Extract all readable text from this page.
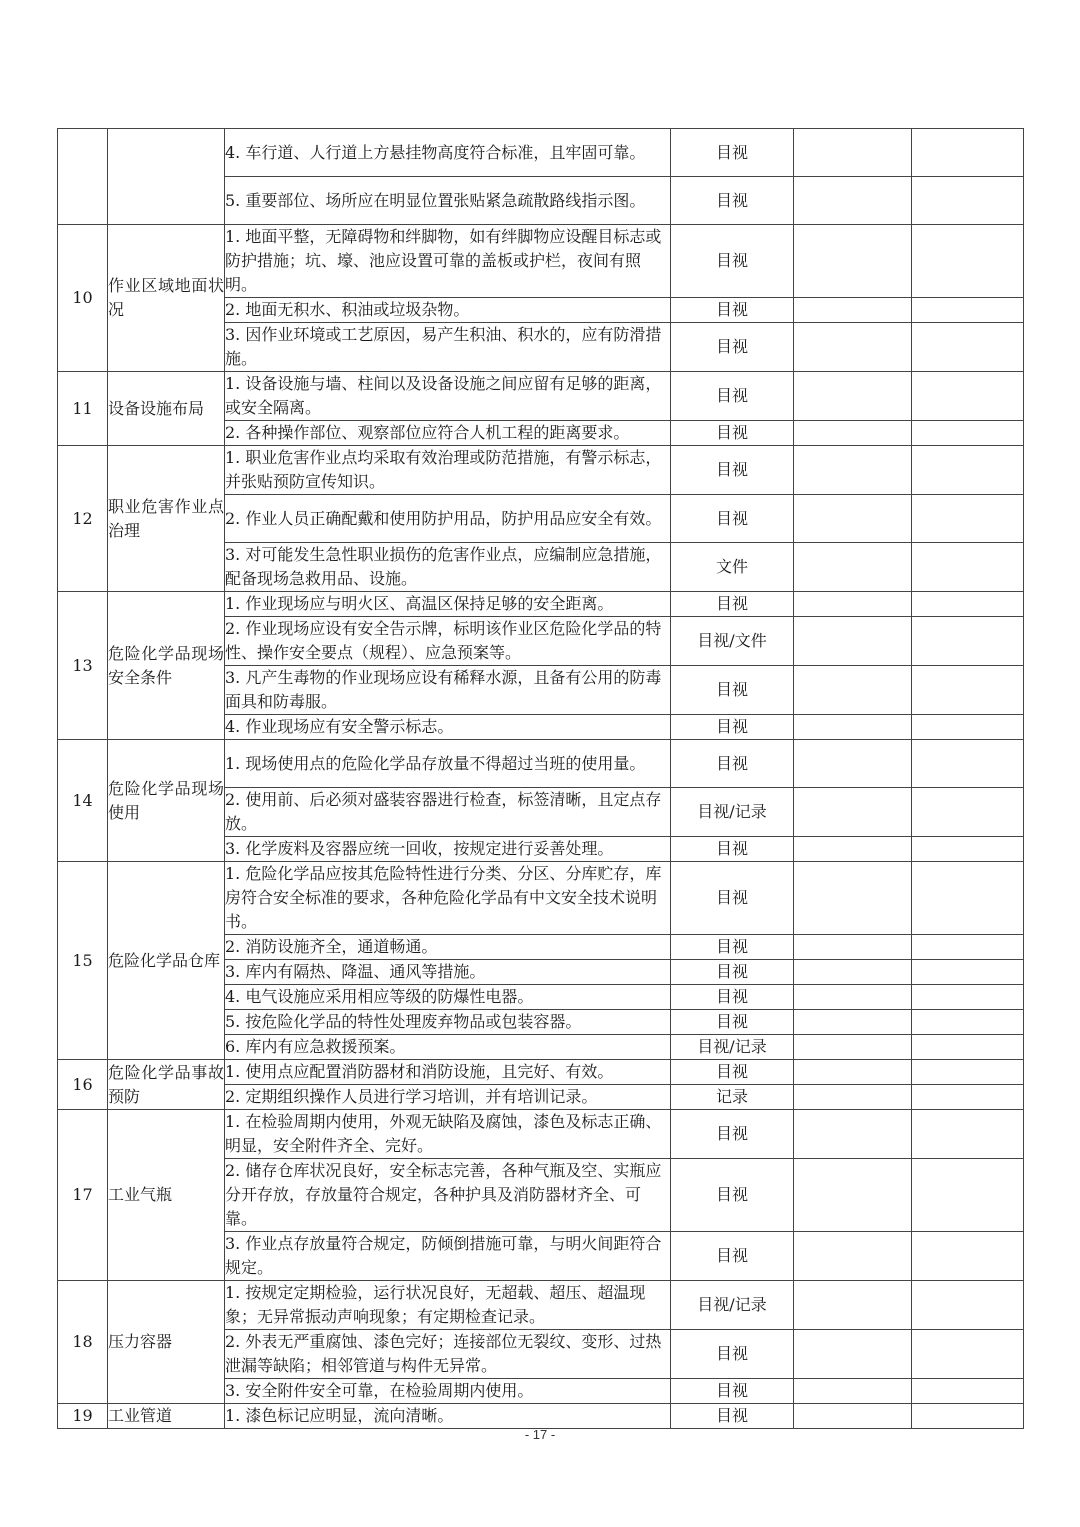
		4. 车行道、人行道上方悬挂物高度符合标准，且牢固可靠。	目视		
		5. 重要部位、场所应在明显位置张贴紧急疏散路线指示图。	目视		
10	作业区域地面状况	1. 地面平整，无障碍物和绊脚物，如有绊脚物应设醒目标志或防护措施；坑、壕、池应设置可靠的盖板或护栏，夜间有照明。	目视		
		2. 地面无积水、积油或垃圾杂物。	目视		
		3. 因作业环境或工艺原因，易产生积油、积水的，应有防滑措施。	目视		
11	设备设施布局	1. 设备设施与墙、柱间以及设备设施之间应留有足够的距离，或安全隔离。	目视		
		2. 各种操作部位、观察部位应符合人机工程的距离要求。	目视		
12	职业危害作业点治理	1. 职业危害作业点均采取有效治理或防范措施，有警示标志，并张贴预防宣传知识。	目视		
		2. 作业人员正确配戴和使用防护用品，防护用品应安全有效。	目视		
		3. 对可能发生急性职业损伤的危害作业点，应编制应急措施，配备现场急救用品、设施。	文件		
13	危险化学品现场安全条件	1. 作业现场应与明火区、高温区保持足够的安全距离。	目视		
		2. 作业现场应设有安全告示牌，标明该作业区危险化学品的特性、操作安全要点（规程）、应急预案等。	目视/文件		
		3. 凡产生毒物的作业现场应设有稀释水源，且备有公用的防毒面具和防毒服。	目视		
		4. 作业现场应有安全警示标志。	目视		
14	危险化学品现场使用	1. 现场使用点的危险化学品存放量不得超过当班的使用量。	目视		
		2. 使用前、后必须对盛装容器进行检查，标签清晰，且定点存放。	目视/记录		
		3. 化学废料及容器应统一回收，按规定进行妥善处理。	目视		
15	危险化学品仓库	1. 危险化学品应按其危险特性进行分类、分区、分库贮存，库房符合安全标准的要求，各种危险化学品有中文安全技术说明书。	目视		
		2. 消防设施齐全，通道畅通。	目视		
		3. 库内有隔热、降温、通风等措施。	目视		
		4. 电气设施应采用相应等级的防爆性电器。	目视		
		5. 按危险化学品的特性处理废弃物品或包装容器。	目视		
		6. 库内有应急救援预案。	目视/记录		
16	危险化学品事故预防	1. 使用点应配置消防器材和消防设施，且完好、有效。	目视		
		2. 定期组织操作人员进行学习培训，并有培训记录。	记录		
17	工业气瓶	1. 在检验周期内使用，外观无缺陷及腐蚀，漆色及标志正确、明显，安全附件齐全、完好。	目视		
		2. 储存仓库状况良好，安全标志完善，各种气瓶及空、实瓶应分开存放，存放量符合规定，各种护具及消防器材齐全、可靠。	目视		
		3. 作业点存放量符合规定，防倾倒措施可靠，与明火间距符合规定。	目视		
18	压力容器	1. 按规定定期检验，运行状况良好，无超载、超压、超温现象；无异常振动声响现象；有定期检查记录。	目视/记录		
		2. 外表无严重腐蚀、漆色完好；连接部位无裂纹、变形、过热泄漏等缺陷；相邻管道与构件无异常。	目视		
		3. 安全附件安全可靠，在检验周期内使用。	目视		
19	工业管道	1. 漆色标记应明显，流向清晰。	目视		
- 17 -
